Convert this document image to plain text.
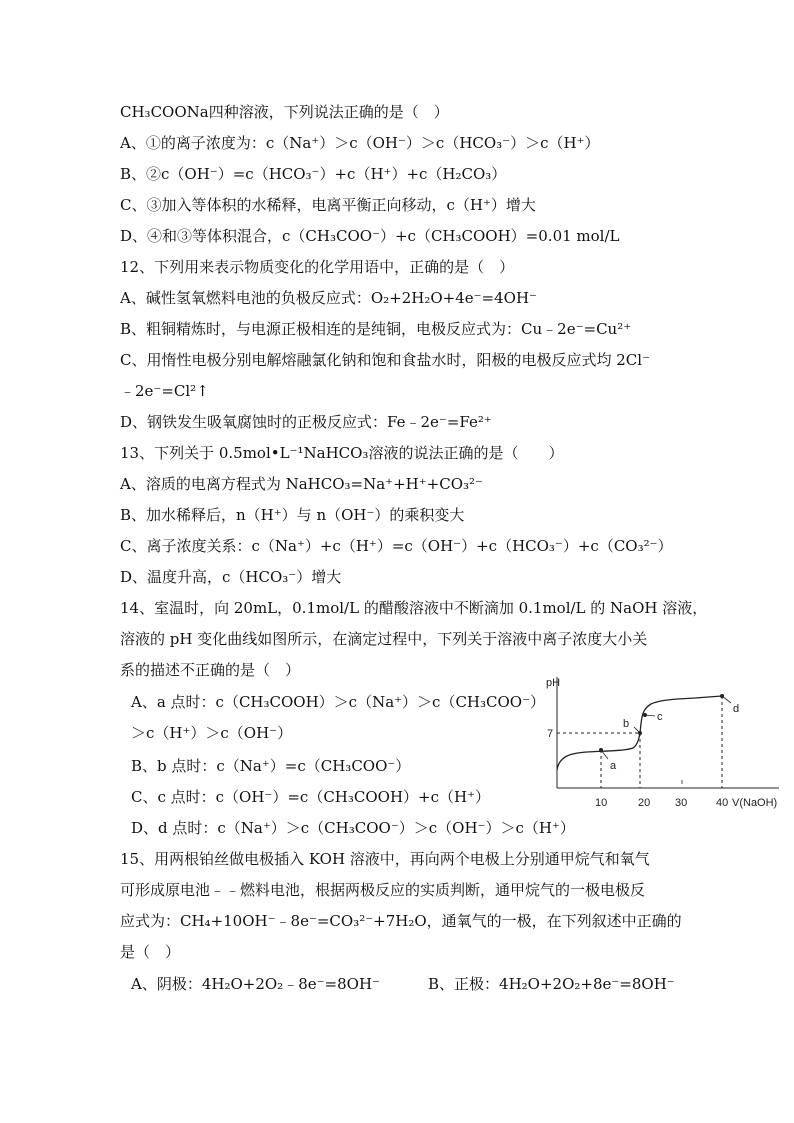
CH₃COONa四种溶液，下列说法正确的是（　）
A、①的离子浓度为：c（Na⁺）＞c（OH⁻）＞c（HCO₃⁻）＞c（H⁺）
B、②c（OH⁻）=c（HCO₃⁻）+c（H⁺）+c（H₂CO₃）
C、③加入等体积的水稀释，电离平衡正向移动，c（H⁺）增大
D、④和③等体积混合，c（CH₃COO⁻）+c（CH₃COOH）=0.01 mol/L
12、下列用来表示物质变化的化学用语中，正确的是（　）
A、碱性氢氧燃料电池的负极反应式：O₂+2H₂O+4e⁻=4OH⁻
B、粗铜精炼时，与电源正极相连的是纯铜，电极反应式为：Cu﹣2e⁻=Cu²⁺
C、用惰性电极分别电解熔融氯化钠和饱和食盐水时，阳极的电极反应式均 2Cl⁻
﹣2e⁻=Cl²↑
D、钢铁发生吸氧腐蚀时的正极反应式：Fe﹣2e⁻=Fe²⁺
13、下列关于 0.5mol•L⁻¹NaHCO₃溶液的说法正确的是（　　）
A、溶质的电离方程式为 NaHCO₃=Na⁺+H⁺+CO₃²⁻
B、加水稀释后，n（H⁺）与 n（OH⁻）的乘积变大
C、离子浓度关系：c（Na⁺）+c（H⁺）=c（OH⁻）+c（HCO₃⁻）+c（CO₃²⁻）
D、温度升高，c（HCO₃⁻）增大
14、室温时，向 20mL，0.1mol/L 的醋酸溶液中不断滴加 0.1mol/L 的 NaOH 溶液，
溶液的 pH 变化曲线如图所示，在滴定过程中，下列关于溶液中离子浓度大小关
系的描述不正确的是（　）
A、a 点时：c（CH₃COOH）＞c（Na⁺）＞c（CH₃COO⁻）
＞c（H⁺）＞c（OH⁻）
B、b 点时：c（Na⁺）=c（CH₃COO⁻）
C、c 点时：c（OH⁻）=c（CH₃COOH）+c（H⁺）
D、d 点时：c（Na⁺）＞c（CH₃COO⁻）＞c（OH⁻）＞c（H⁺）
15、用两根铂丝做电极插入 KOH 溶液中，再向两个电极上分别通甲烷气和氧气
可形成原电池﹣﹣燃料电池，根据两极反应的实质判断，通甲烷气的一极电极反
应式为：CH₄+10OH⁻﹣8e⁻=CO₃²⁻+7H₂O，通氧气的一极，在下列叙述中正确的
是（　）
A、阴极：4H₂O+2O₂﹣8e⁻=8OH⁻	B、正极：4H₂O+2O₂+8e⁻=8OH⁻
pH
7
a
b
c
d
10	20 30	40 V(NaOH)
